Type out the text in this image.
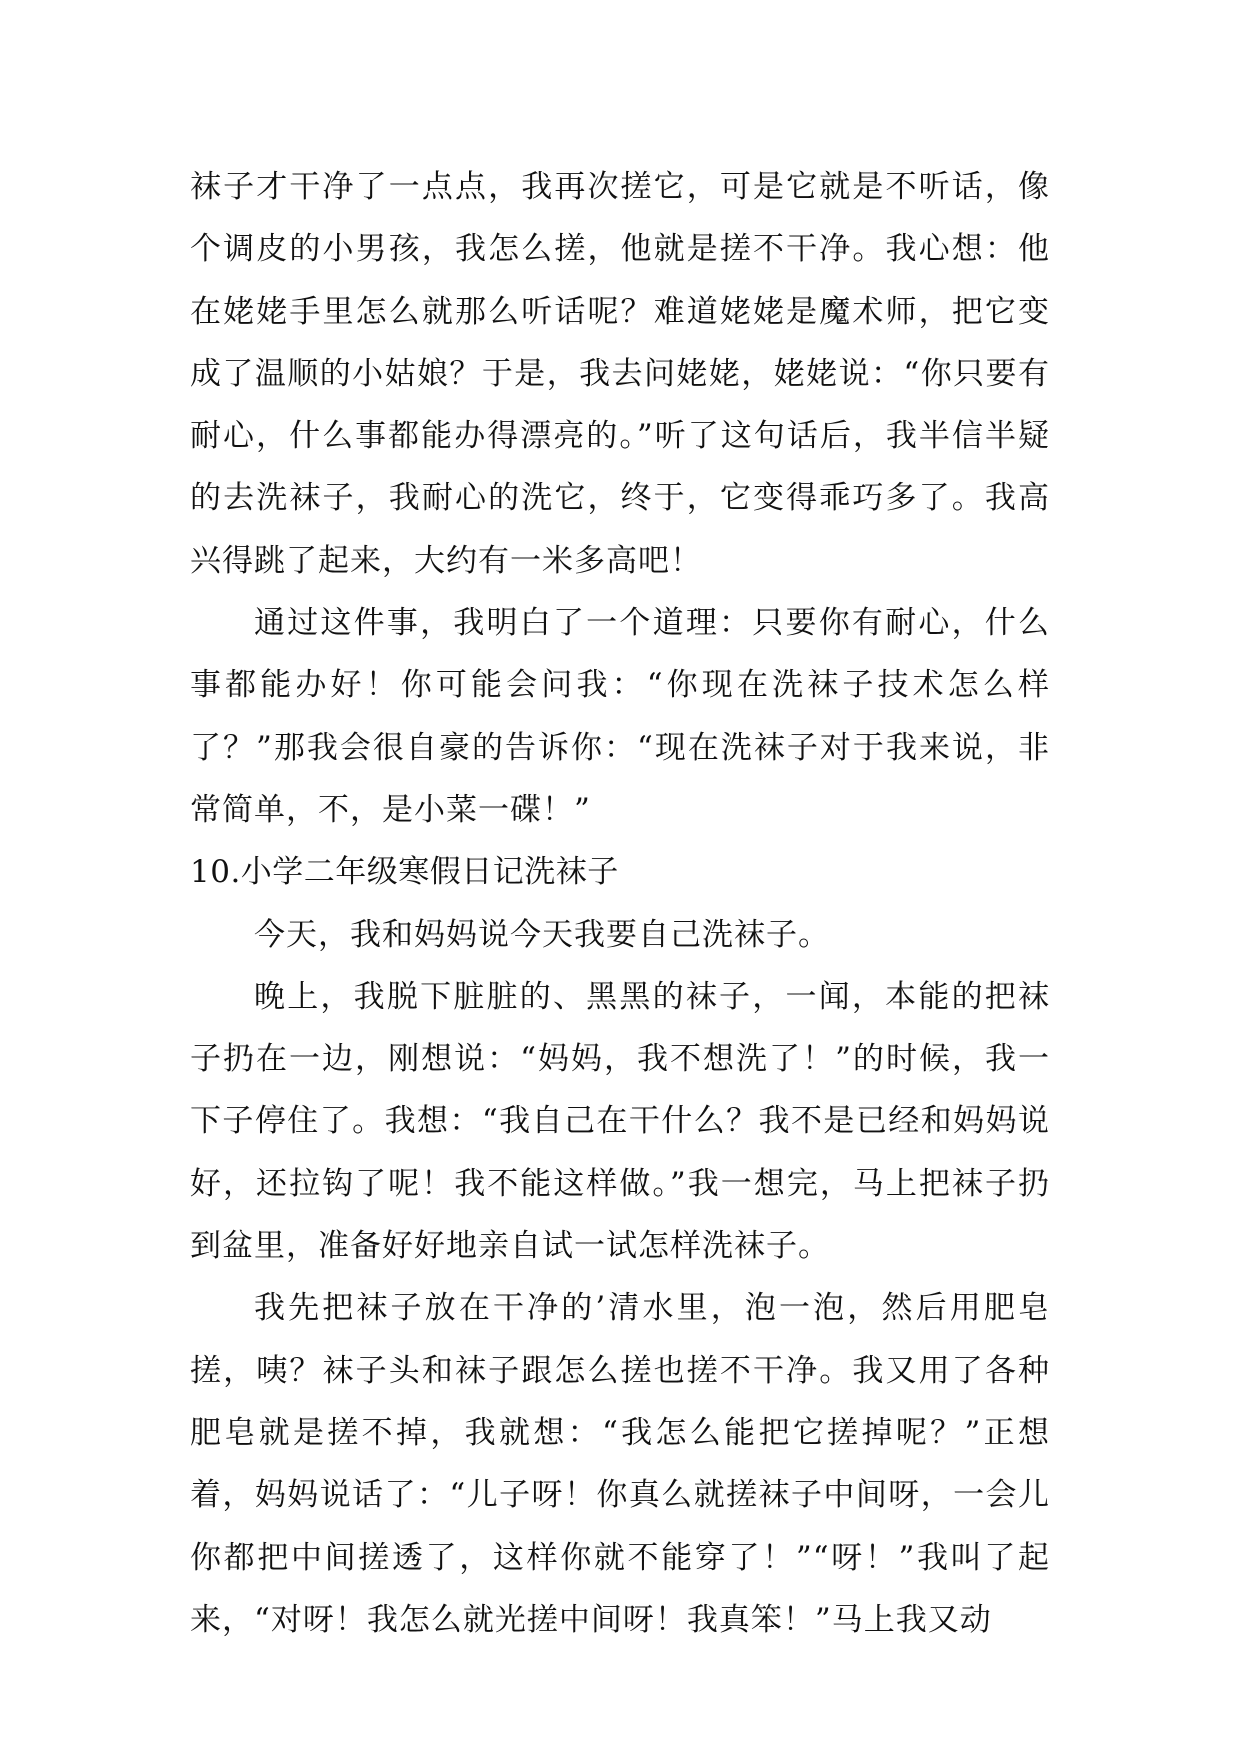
袜子才干净了一点点，我再次搓它，可是它就是不听话，像个调皮的小男孩，我怎么搓，他就是搓不干净。我心想：他在姥姥手里怎么就那么听话呢？难道姥姥是魔术师，把它变成了温顺的小姑娘？于是，我去问姥姥，姥姥说：“你只要有耐心，什么事都能办得漂亮的。”听了这句话后，我半信半疑的去洗袜子，我耐心的洗它，终于，它变得乖巧多了。我高兴得跳了起来，大约有一米多高吧！

通过这件事，我明白了一个道理：只要你有耐心，什么事都能办好！你可能会问我：“你现在洗袜子技术怎么样了？”那我会很自豪的告诉你：“现在洗袜子对于我来说，非常简单，不，是小菜一碟！”

10.小学二年级寒假日记洗袜子

今天，我和妈妈说今天我要自己洗袜子。

晚上，我脱下脏脏的、黑黑的袜子，一闻，本能的把袜子扔在一边，刚想说：“妈妈，我不想洗了！”的时候，我一下子停住了。我想：“我自己在干什么？我不是已经和妈妈说好，还拉钩了呢！我不能这样做。”我一想完，马上把袜子扔到盆里，准备好好地亲自试一试怎样洗袜子。

我先把袜子放在干净的’清水里，泡一泡，然后用肥皂搓，咦？袜子头和袜子跟怎么搓也搓不干净。我又用了各种肥皂就是搓不掉，我就想：“我怎么能把它搓掉呢？”正想着，妈妈说话了：“儿子呀！你真么就搓袜子中间呀，一会儿你都把中间搓透了，这样你就不能穿了！”“呀！”我叫了起来，“对呀！我怎么就光搓中间呀！我真笨！”马上我又动
